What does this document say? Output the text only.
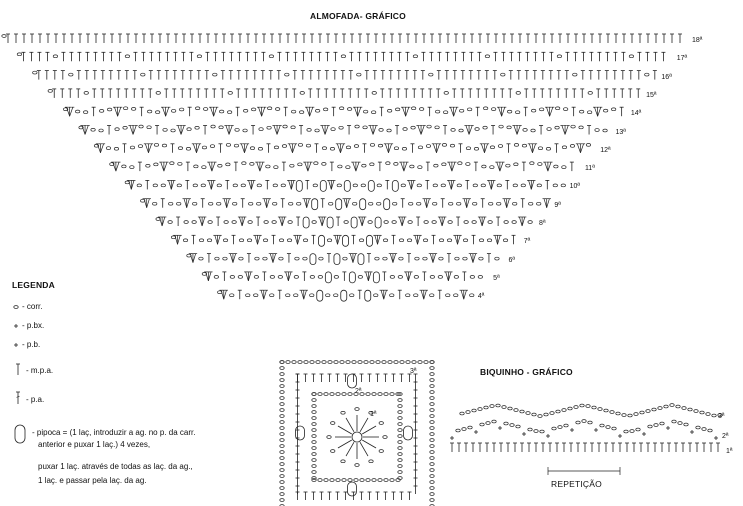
ALMOFADA- GRÁFICO
BIQUINHO - GRÁFICO
REPETIÇÃO
4ª
5ª
6ª
7ª
8ª
9ª
10ª
11ª
12ª
13ª
14ª
15ª
16ª
17ª
18ª
1ª
2ª
3ª
1ª
2ª
3ª
LEGENDA
- corr.
- p.bx.
- p.b.
- m.p.a.
- p.a.
- pipoca = (1 laç, introduzir a ag. no p. da carr.
anterior e puxar 1 laç.) 4 vezes,
puxar 1 laç. através de todas as laç. da ag.,
1 laç. e passar pela laç. da ag.
